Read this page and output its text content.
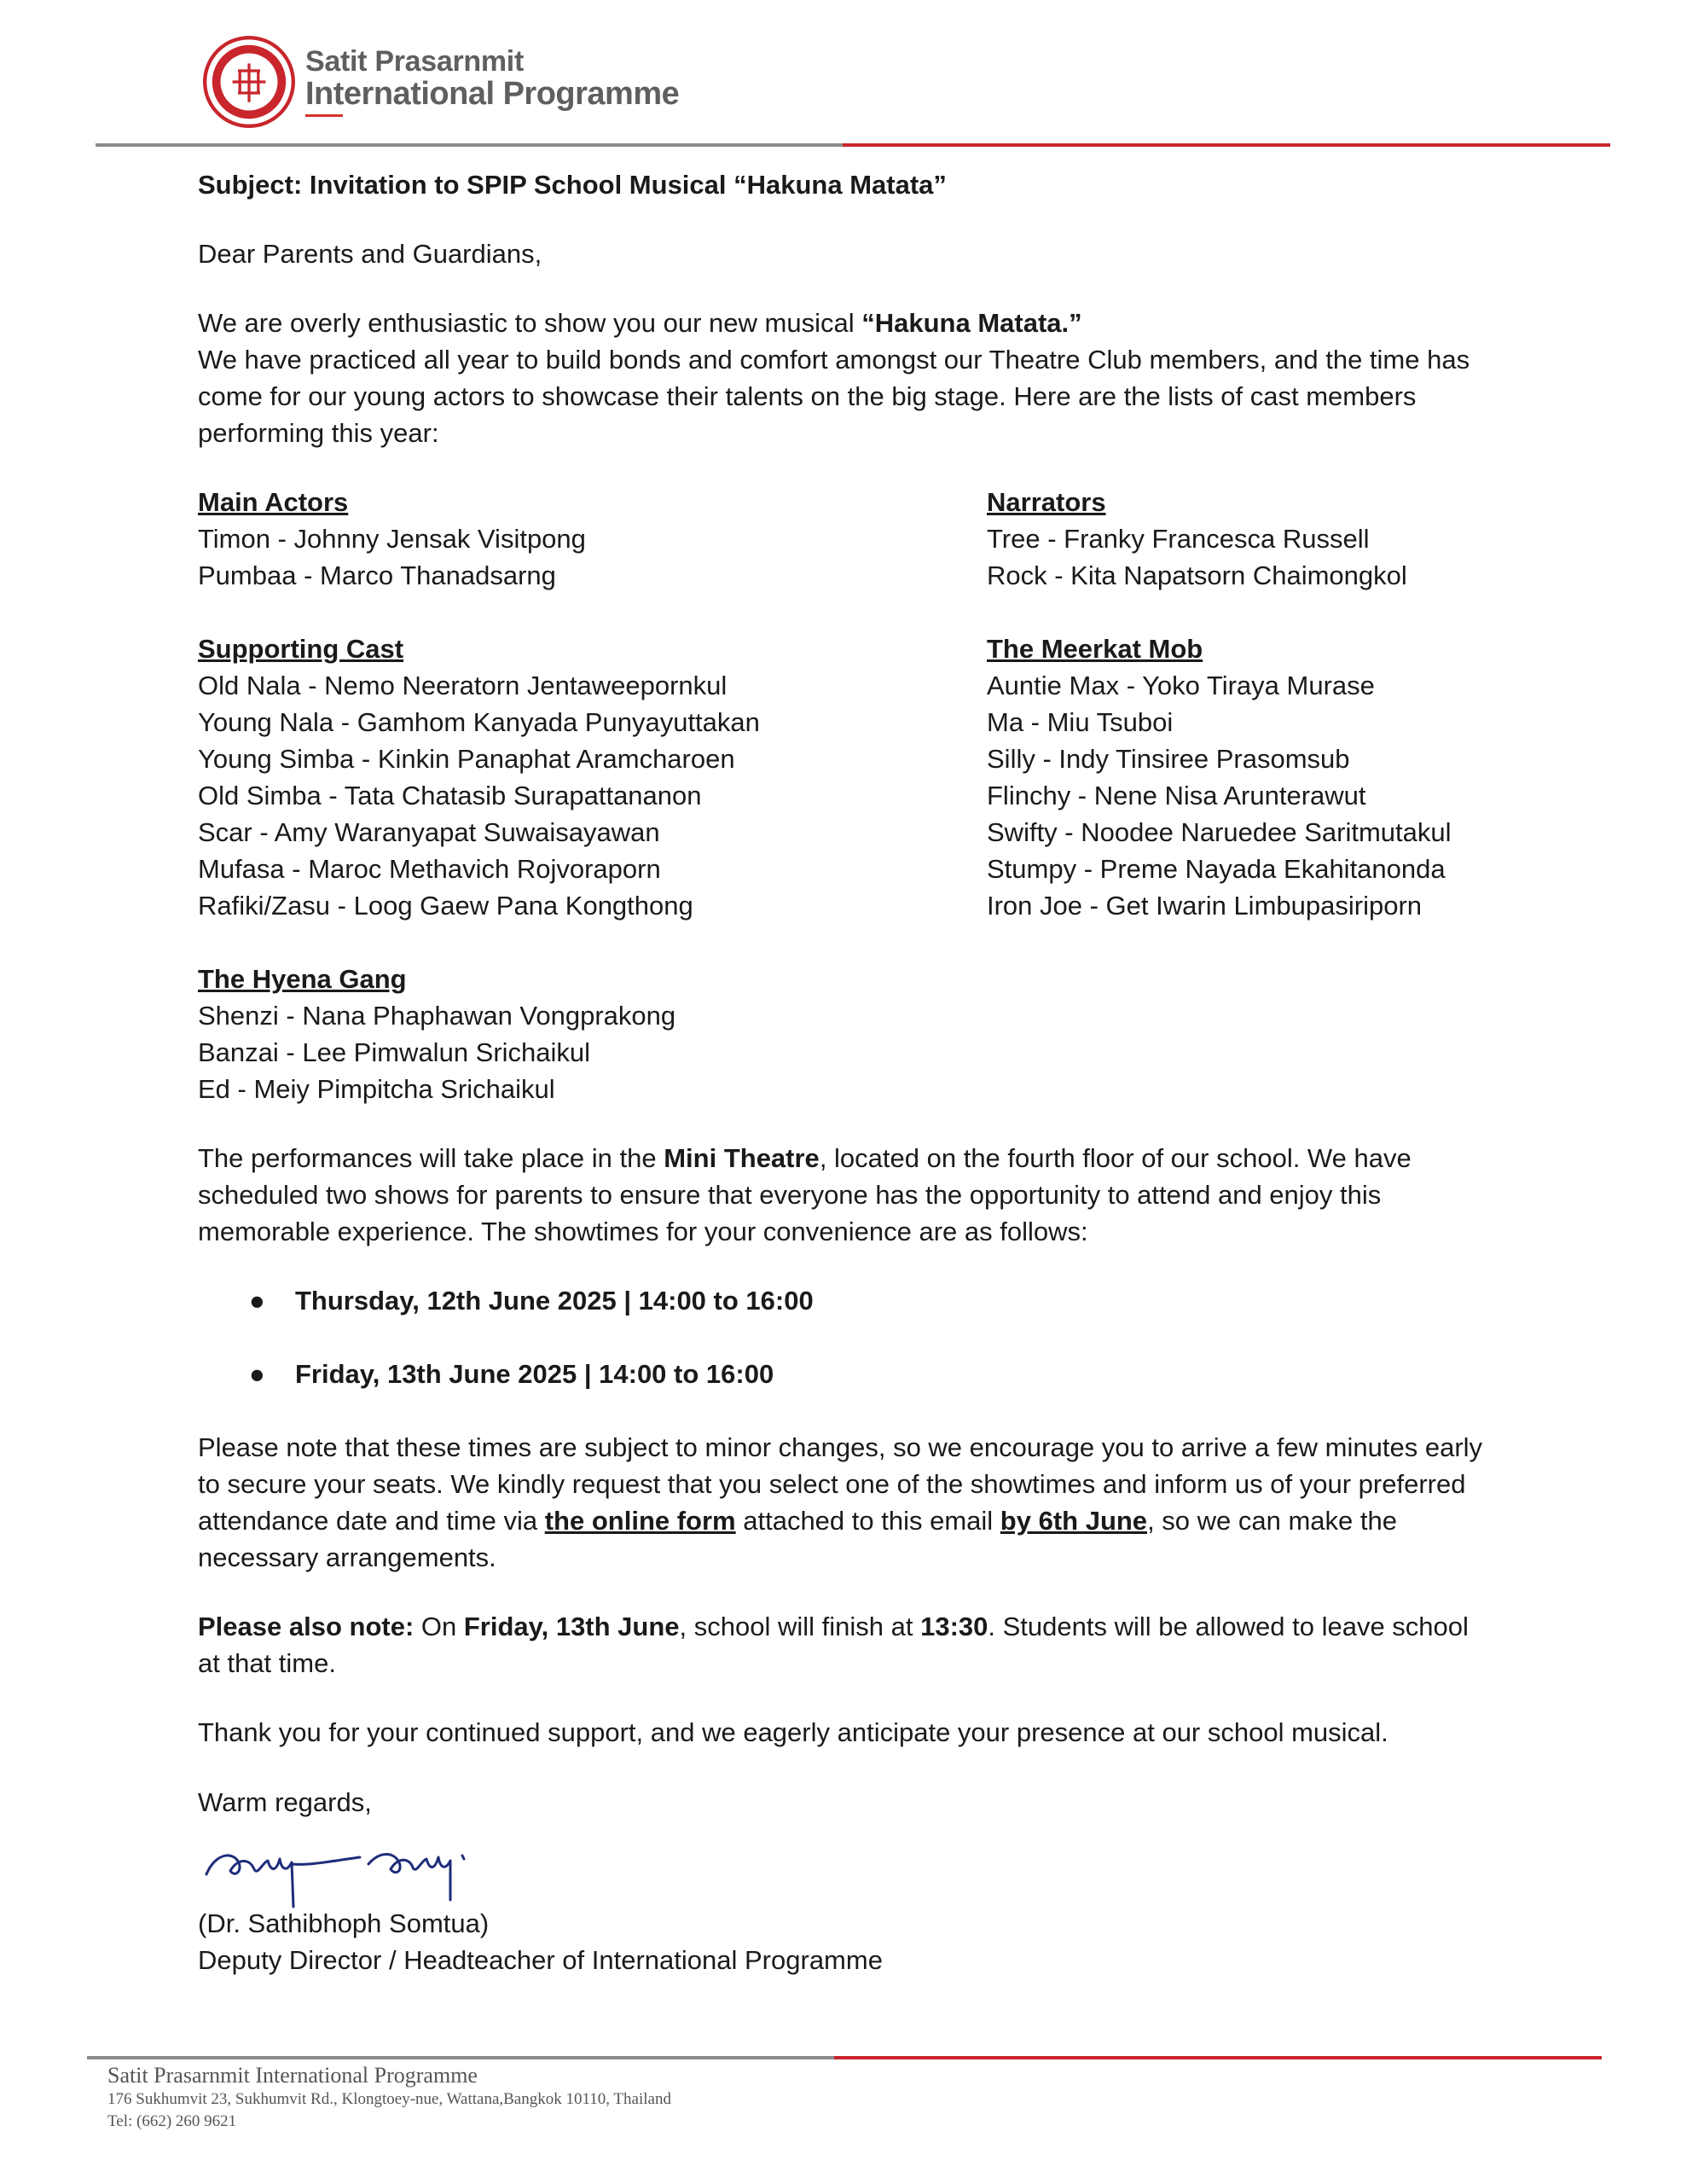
Satit Prasarnmit
International Programme

Subject: Invitation to SPIP School Musical “Hakuna Matata”

Dear Parents and Guardians,

We are overly enthusiastic to show you our new musical “Hakuna Matata.”

We have practiced all year to build bonds and comfort amongst our Theatre Club members, and the time has come for our young actors to showcase their talents on the big stage. Here are the lists of cast members performing this year:

Main Actors
Timon - Johnny Jensak Visitpong
Pumbaa - Marco Thanadsarng
Supporting Cast
Old Nala - Nemo Neeratorn Jentaweepornkul
Young Nala - Gamhom Kanyada Punyayuttakan
Young Simba - Kinkin Panaphat Aramcharoen
Old Simba - Tata Chatasib Surapattananon
Scar - Amy Waranyapat Suwaisayawan
Mufasa - Maroc Methavich Rojvoraporn
Rafiki/Zasu - Loog Gaew Pana Kongthong
The Hyena Gang
Shenzi - Nana Phaphawan Vongprakong
Banzai - Lee Pimwalun Srichaikul
Ed - Meiy Pimpitcha Srichaikul
Narrators
Tree - Franky Francesca Russell
Rock - Kita Napatsorn Chaimongkol
The Meerkat Mob
Auntie Max - Yoko Tiraya Murase
Ma - Miu Tsuboi
Silly - Indy Tinsiree Prasomsub
Flinchy - Nene Nisa Arunterawut
Swifty - Noodee Naruedee Saritmutakul
Stumpy - Preme Nayada Ekahitanonda
Iron Joe - Get Iwarin Limbupasiriporn

The performances will take place in the Mini Theatre, located on the fourth floor of our school. We have scheduled two shows for parents to ensure that everyone has the opportunity to attend and enjoy this memorable experience. The showtimes for your convenience are as follows:

● Thursday, 12th June 2025 | 14:00 to 16:00
● Friday, 13th June 2025 | 14:00 to 16:00

Please note that these times are subject to minor changes, so we encourage you to arrive a few minutes early to secure your seats. We kindly request that you select one of the showtimes and inform us of your preferred attendance date and time via the online form attached to this email by 6th June, so we can make the necessary arrangements.

Please also note: On Friday, 13th June, school will finish at 13:30. Students will be allowed to leave school at that time.

Thank you for your continued support, and we eagerly anticipate your presence at our school musical.

Warm regards,
(Dr. Sathibhoph Somtua)
Deputy Director / Headteacher of International Programme
Satit Prasarnmit International Programme
176 Sukhumvit 23, Sukhumvit Rd., Klongtoey-nue, Wattana,Bangkok 10110, Thailand
Tel: (662) 260 9621
